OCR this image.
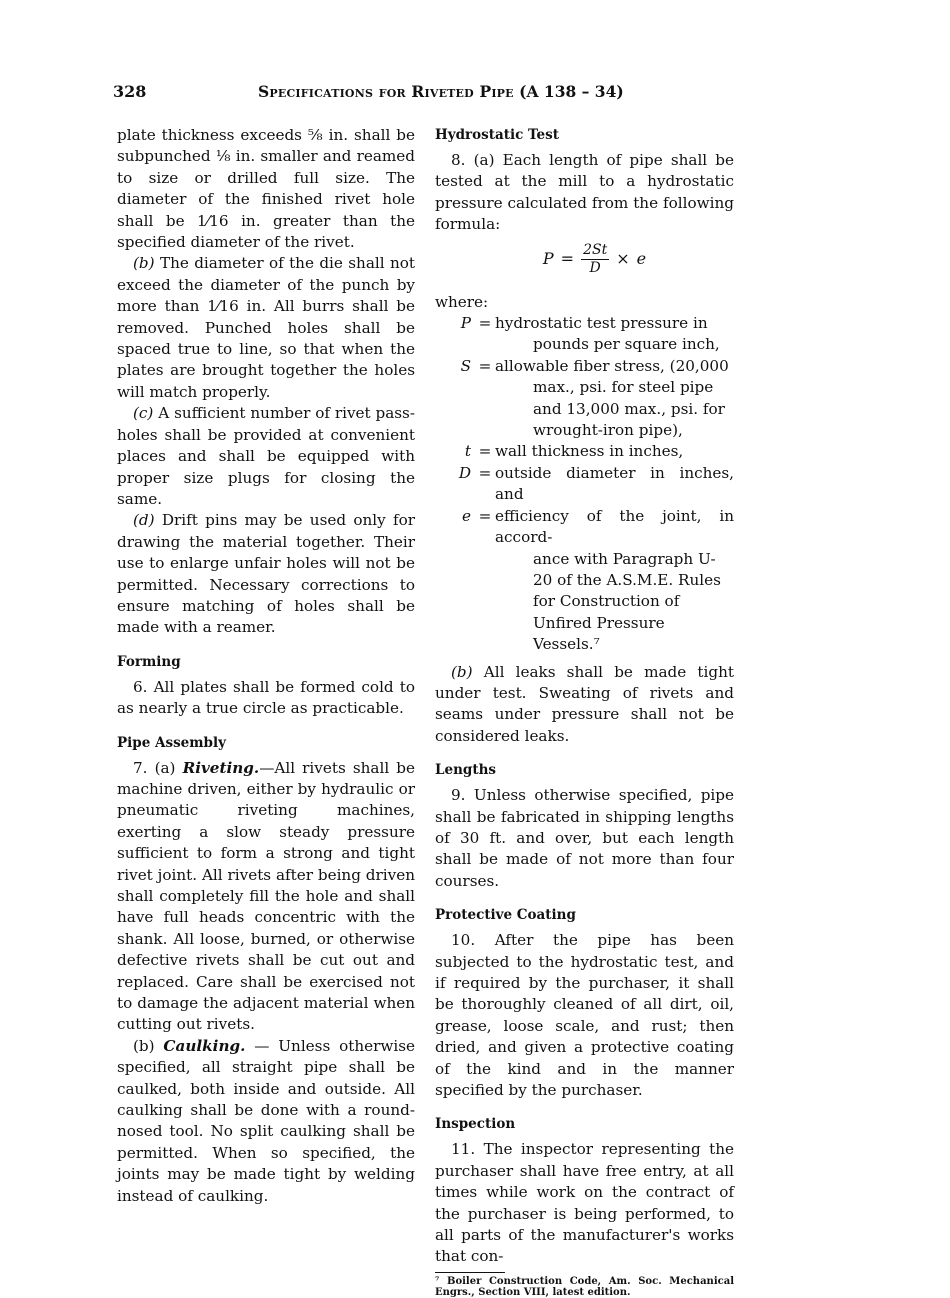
328	Specifications for Riveted Pipe (A 138 – 34)

plate thickness exceeds ⅝ in. shall be subpunched ⅛ in. smaller and reamed to size or drilled full size. The diameter of the finished rivet hole shall be 1⁄16 in. greater than the specified diameter of the rivet.

(b) The diameter of the die shall not exceed the diameter of the punch by more than 1⁄16 in. All burrs shall be removed. Punched holes shall be spaced true to line, so that when the plates are brought together the holes will match properly.

(c) A sufficient number of rivet pass-holes shall be provided at convenient places and shall be equipped with proper size plugs for closing the same.

(d) Drift pins may be used only for drawing the material together. Their use to enlarge unfair holes will not be permitted. Necessary corrections to ensure matching of holes shall be made with a reamer.

Forming

6. All plates shall be formed cold to as nearly a true circle as practicable.

Pipe Assembly

7. (a) Riveting.—All rivets shall be machine driven, either by hydraulic or pneumatic riveting machines, exerting a slow steady pressure sufficient to form a strong and tight rivet joint. All rivets after being driven shall completely fill the hole and shall have full heads concentric with the shank. All loose, burned, or otherwise defective rivets shall be cut out and replaced. Care shall be exercised not to damage the adjacent material when cutting out rivets.

(b) Caulking. — Unless otherwise specified, all straight pipe shall be caulked, both inside and outside. All caulking shall be done with a round-nosed tool. No split caulking shall be permitted. When so specified, the joints may be made tight by welding instead of caulking.

Hydrostatic Test

8. (a) Each length of pipe shall be tested at the mill to a hydrostatic pressure calculated from the following formula:

$P = \frac{2St}{D} \times e$

where:

P = hydrostatic test pressure in
pounds per square inch,
S = allowable fiber stress, (20,000
max., psi. for steel pipe and 13,000 max., psi. for wrought-iron pipe),
t = wall thickness in inches,
D = outside diameter in inches, and
e = efficiency of the joint, in accord-
ance with Paragraph U-20 of the A.S.M.E. Rules for Construction of Unfired Pressure Vessels.⁷

(b) All leaks shall be made tight under test. Sweating of rivets and seams under pressure shall not be considered leaks.

Lengths

9. Unless otherwise specified, pipe shall be fabricated in shipping lengths of 30 ft. and over, but each length shall be made of not more than four courses.

Protective Coating

10. After the pipe has been subjected to the hydrostatic test, and if required by the purchaser, it shall be thoroughly cleaned of all dirt, oil, grease, loose scale, and rust; then dried, and given a protective coating of the kind and in the manner specified by the purchaser.

Inspection

11. The inspector representing the purchaser shall have free entry, at all times while work on the contract of the purchaser is being performed, to all parts of the manufacturer's works that con-

⁷ Boiler Construction Code, Am. Soc. Mechanical Engrs., Section VIII, latest edition.
